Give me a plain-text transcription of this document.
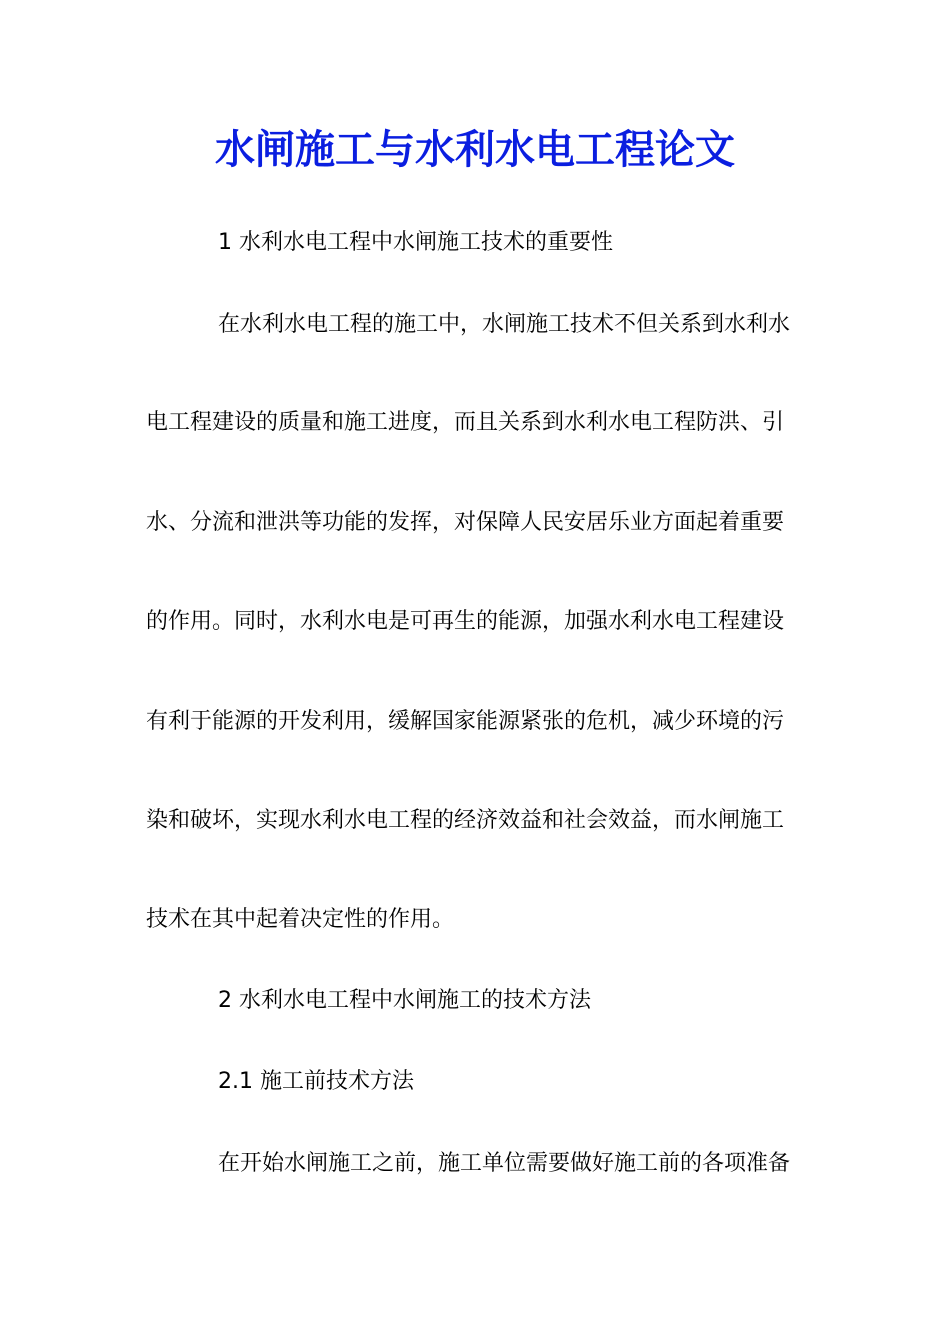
水闸施工与水利水电工程论文

1 水利水电工程中水闸施工技术的重要性

在水利水电工程的施工中，水闸施工技术不但关系到水利水

电工程建设的质量和施工进度，而且关系到水利水电工程防洪、引

水、分流和泄洪等功能的发挥，对保障人民安居乐业方面起着重要

的作用。同时，水利水电是可再生的能源，加强水利水电工程建设

有利于能源的开发利用，缓解国家能源紧张的危机，减少环境的污

染和破坏，实现水利水电工程的经济效益和社会效益，而水闸施工

技术在其中起着决定性的作用。

2 水利水电工程中水闸施工的技术方法

2.1 施工前技术方法

在开始水闸施工之前，施工单位需要做好施工前的各项准备
